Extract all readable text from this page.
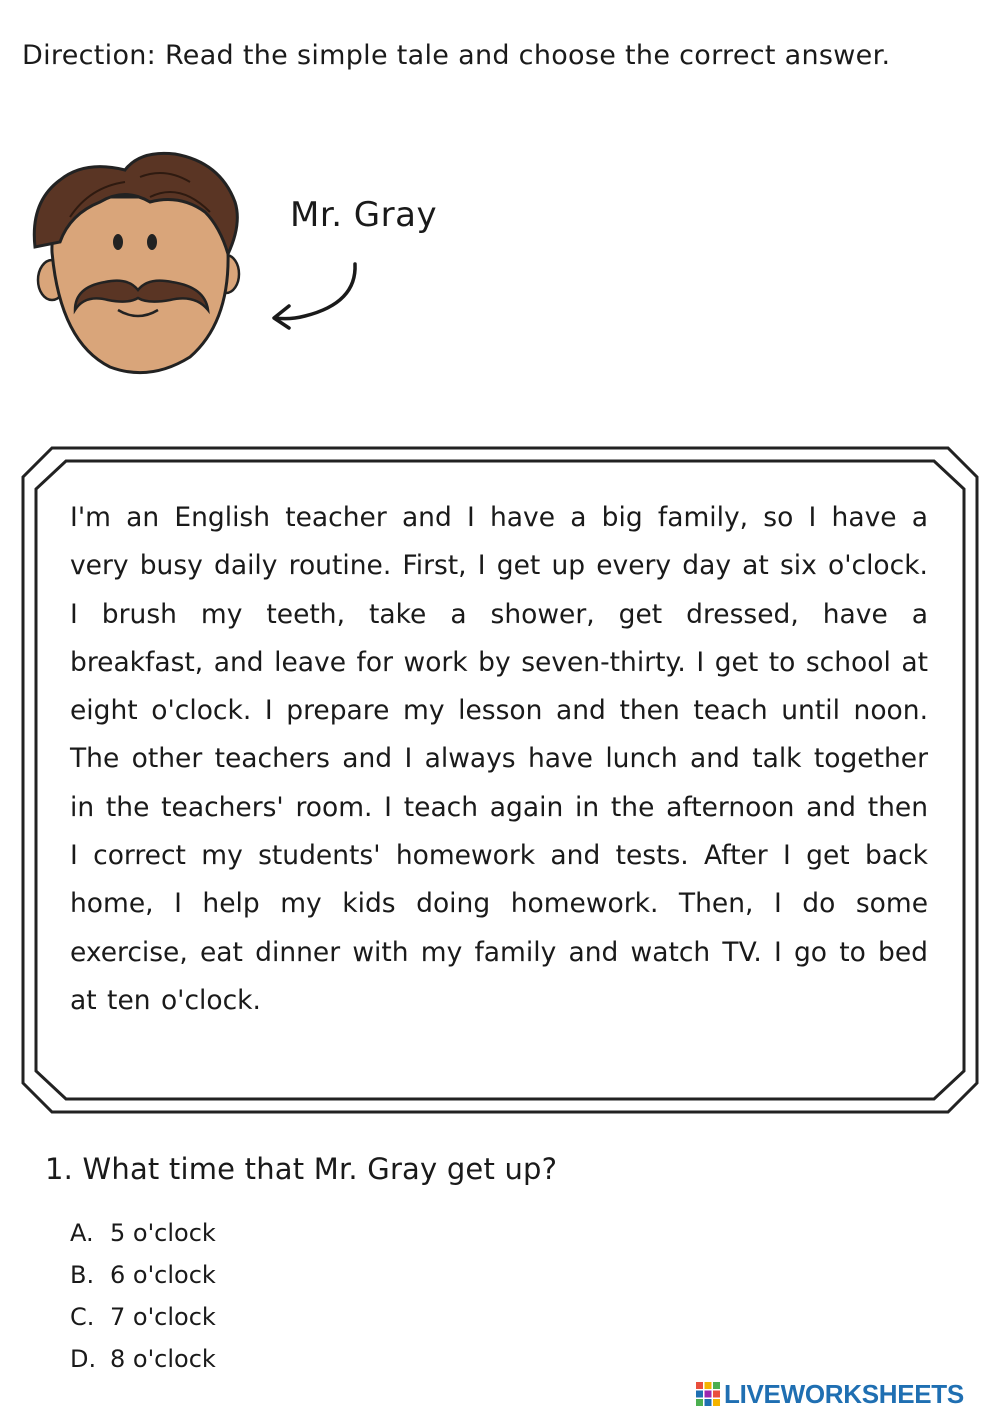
Direction: Read the simple tale and choose the correct answer.
Mr. Gray
I'm an English teacher and I have a big family, so I have a very busy daily routine. First, I get up every day at six o'clock. I brush my teeth, take a shower, get dressed, have a breakfast, and leave for work by seven-thirty. I get to school at eight o'clock. I prepare my lesson and then teach until noon. The other teachers and I always have lunch and talk together in the teachers' room. I teach again in the afternoon and then I correct my students' homework and tests. After I get back home, I help my kids doing homework. Then, I do some exercise, eat dinner with my family and watch TV. I go to bed at ten o'clock.
1. What time that Mr. Gray get up?
A. 5 o'clock
B. 6 o'clock
C. 7 o'clock
D. 8 o'clock
LIVEWORKSHEETS
